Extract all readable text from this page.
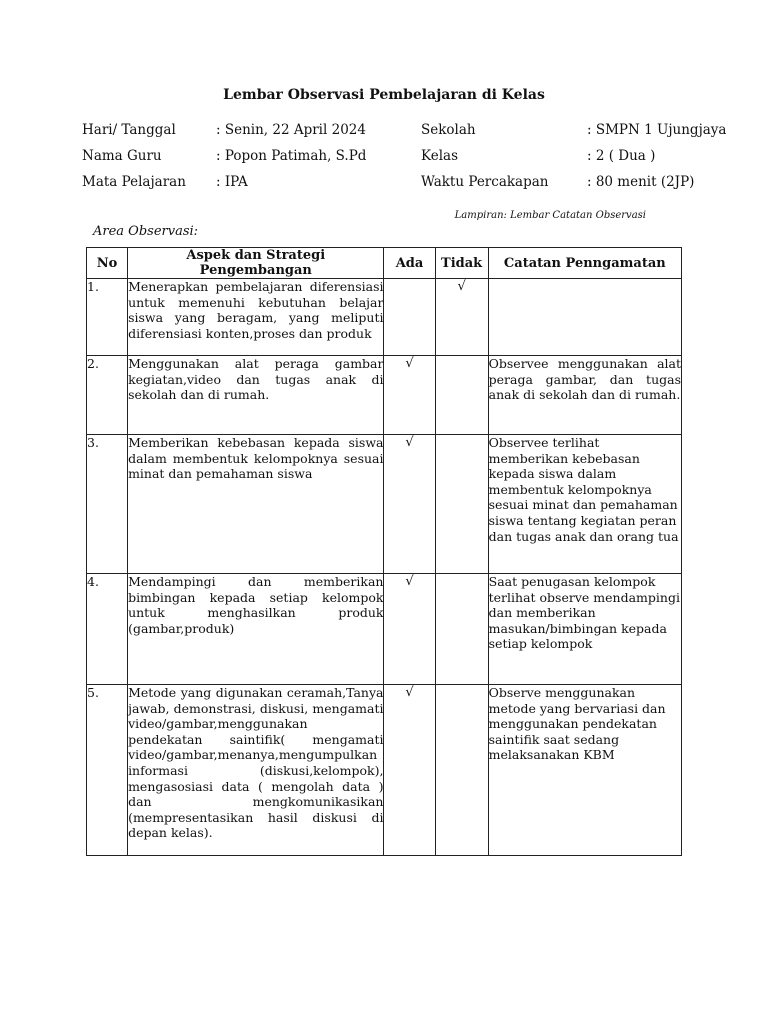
Lembar Observasi Pembelajaran di Kelas
Hari/ Tanggal	: Senin, 22 April 2024	Sekolah	: SMPN 1 Ujungjaya
Nama Guru	: Popon Patimah, S.Pd	Kelas	: 2 ( Dua )
Mata Pelajaran : IPA	Waktu Percakapan	: 80 menit (2JP)
Lampiran: Lembar Catatan Observasi
Area Observasi:
No	Aspek dan Strategi Pengembangan	Ada	Tidak	Catatan Penngamatan
1.	Menerapkan pembelajaran diferensiasi untuk memenuhi kebutuhan belajar siswa yang beragam, yang meliputi diferensiasi konten,proses dan produk		√	
2.	Menggunakan alat peraga gambar kegiatan,video dan tugas anak di sekolah dan di rumah.	√		Observee menggunakan alat peraga gambar, dan tugas anak di sekolah dan di rumah.
3.	Memberikan kebebasan kepada siswa dalam membentuk kelompoknya sesuai minat dan pemahaman siswa	√		Observee terlihat memberikan kebebasan kepada siswa dalam membentuk kelompoknya sesuai minat dan pemahaman siswa tentang kegiatan peran dan tugas anak dan orang tua
4.	Mendampingi dan memberikan bimbingan kepada setiap kelompok untuk menghasilkan produk (gambar,produk)	√		Saat penugasan kelompok terlihat observe mendampingi dan memberikan masukan/bimbingan kepada setiap kelompok
5.	Metode yang digunakan ceramah,Tanya jawab, demonstrasi, diskusi, mengamati video/gambar,menggunakan pendekatan saintifik( mengamati video/gambar,menanya,mengumpulkan informasi (diskusi,kelompok), mengasosiasi data ( mengolah data ) dan mengkomunikasikan (mempresentasikan hasil diskusi di depan kelas).	√		Observe menggunakan metode yang bervariasi dan menggunakan pendekatan saintifik saat sedang melaksanakan KBM
